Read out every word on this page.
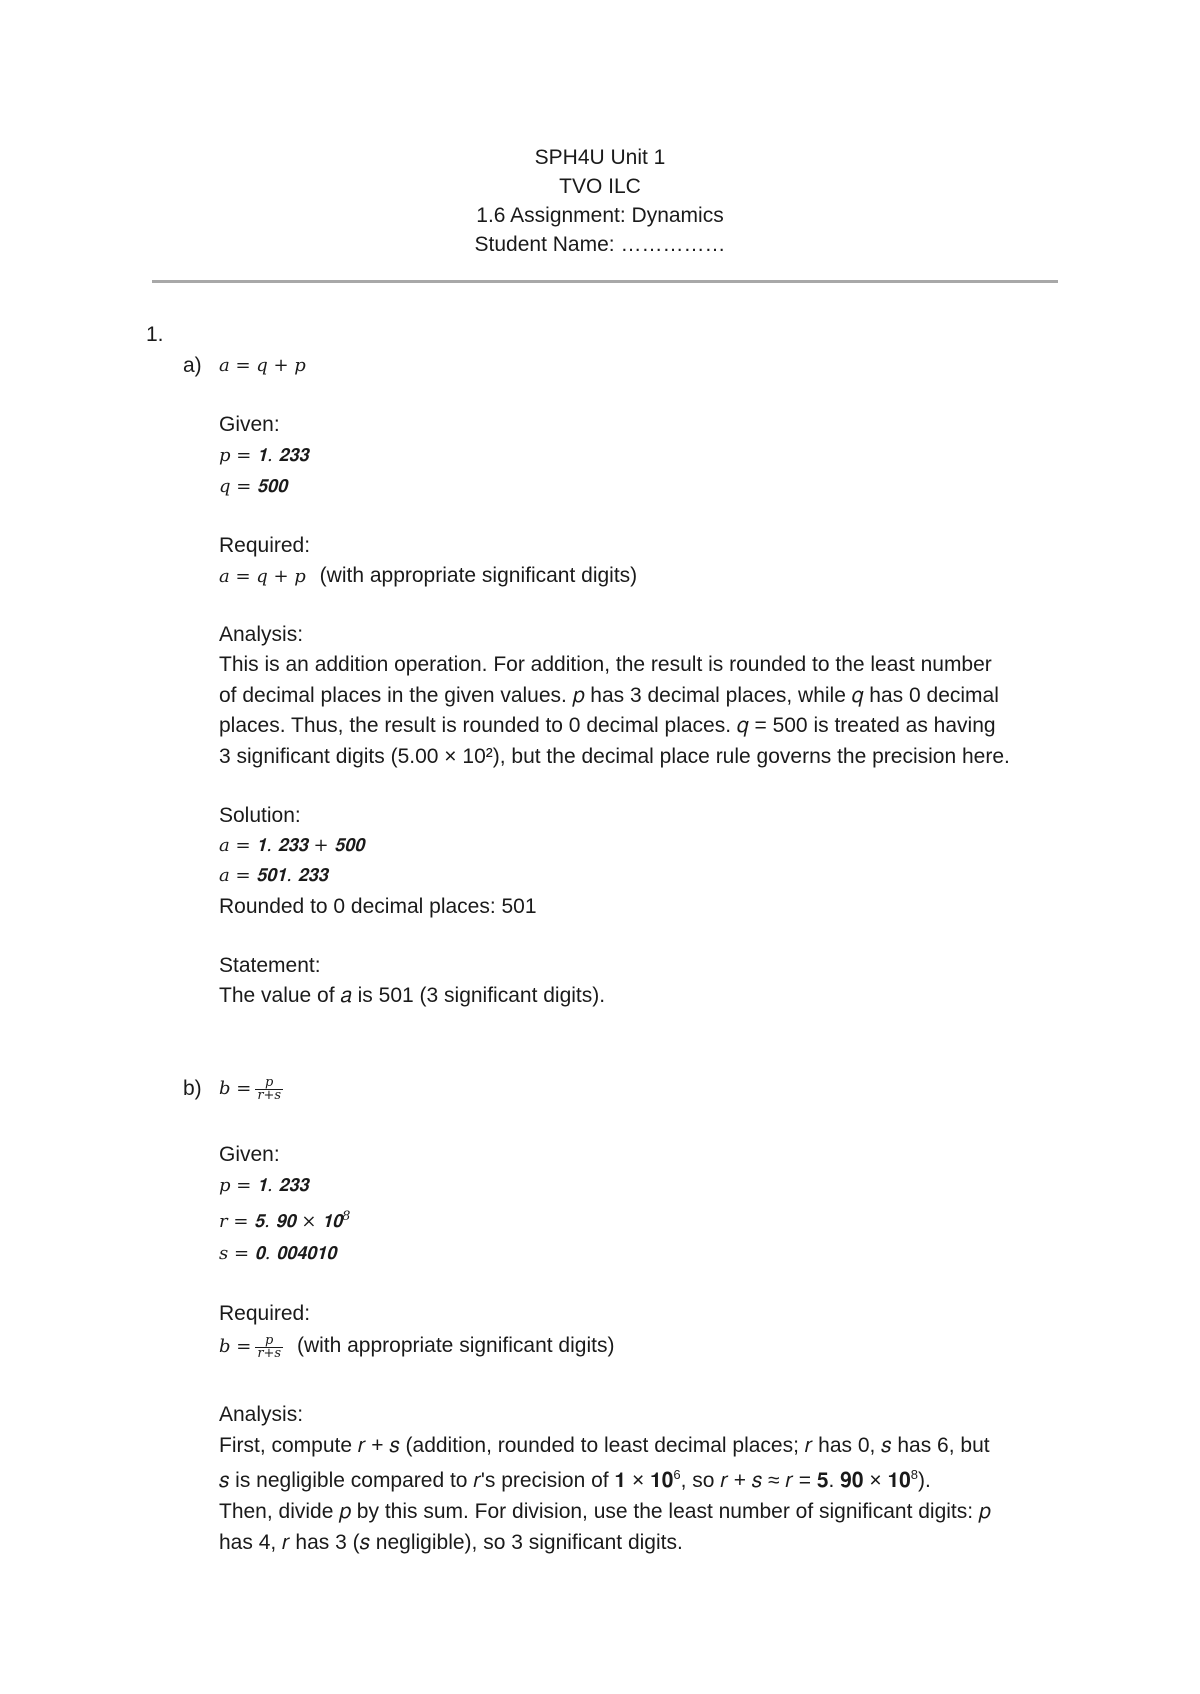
SPH4U Unit 1
TVO ILC
1.6 Assignment: Dynamics
Student Name: ……………
1.
a) 𝑎 = 𝑞 + 𝑝
Given:
𝑝 = 𝟏. 𝟐𝟑𝟑
𝑞 = 𝟓𝟎𝟎
Required:
𝑎 = 𝑞 + 𝑝 (with appropriate significant digits)
Analysis:
This is an addition operation. For addition, the result is rounded to the least number
of decimal places in the given values. 𝑝 has 3 decimal places, while 𝑞 has 0 decimal
places. Thus, the result is rounded to 0 decimal places. 𝑞 = 500 is treated as having
3 significant digits (5.00 × 10²), but the decimal place rule governs the precision here.
Solution:
𝑎 = 𝟏. 𝟐𝟑𝟑 + 𝟓𝟎𝟎
𝑎 = 𝟓𝟎𝟏. 𝟐𝟑𝟑
Rounded to 0 decimal places: 501
Statement:
The value of 𝑎 is 501 (3 significant digits).
b) 𝑏 = $\frac{\text{𝑝}}{\text{𝑟+𝑠}}$
Given:
𝑝 = 𝟏. 𝟐𝟑𝟑
𝑟 = 𝟓. 𝟗𝟎 × $𝟏𝟎^8$
𝑠 = 𝟎. 𝟎𝟎𝟒𝟎𝟏𝟎
Required:
𝑏 = $\frac{\text{𝑝}}{\text{𝑟+𝑠}}$ (with appropriate significant digits)
Analysis:
First, compute 𝑟 + 𝑠 (addition, rounded to least decimal places; 𝑟 has 0, 𝑠 has 6, but
𝑠 is negligible compared to 𝑟's precision of 𝟏 × $𝟏𝟎^6$, so 𝑟 + 𝑠 ≈ 𝑟 = 𝟓. 𝟗𝟎 × $𝟏𝟎^8$).
Then, divide 𝑝 by this sum. For division, use the least number of significant digits: 𝑝
has 4, 𝑟 has 3 (𝑠 negligible), so 3 significant digits.
